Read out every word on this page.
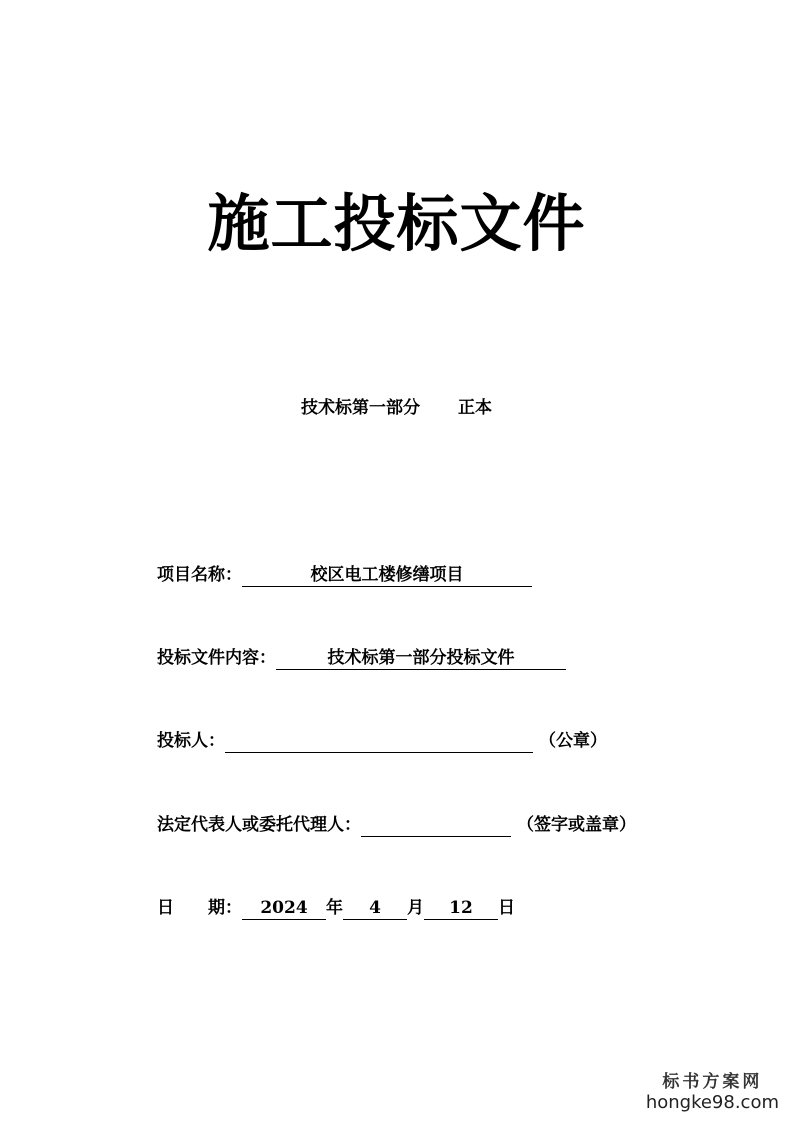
施工投标文件
技术标第一部分 正本
项目名称：	校区电工楼修缮项目
投标文件内容：	技术标第一部分投标文件
投标人：	（公章）
法定代表人或委托代理人：	（签字或盖章）
日　　期：	2024	年	4	月	12	日
标书方案网
hongke98.com
